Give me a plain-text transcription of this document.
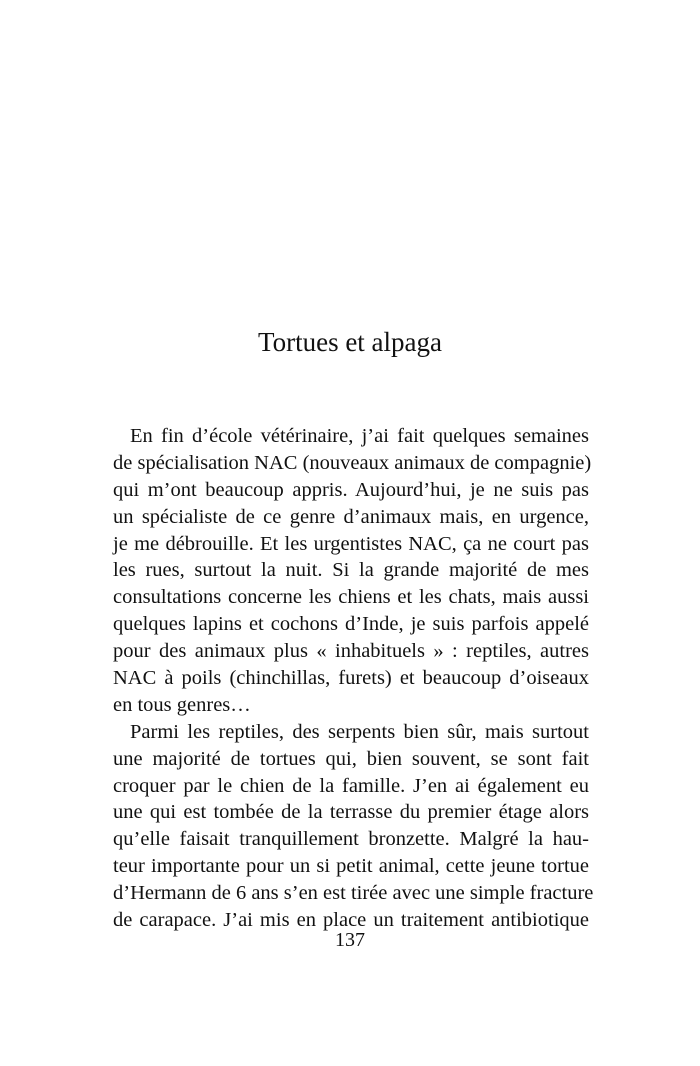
Tortues et alpaga
En fin d’école vétérinaire, j’ai fait quelques semaines
de spécialisation NAC (nouveaux animaux de compagnie)
qui m’ont beaucoup appris. Aujourd’hui, je ne suis pas
un spécialiste de ce genre d’animaux mais, en urgence,
je me débrouille. Et les urgentistes NAC, ça ne court pas
les rues, surtout la nuit. Si la grande majorité de mes
consultations concerne les chiens et les chats, mais aussi
quelques lapins et cochons d’Inde, je suis parfois appelé
pour des animaux plus « inhabituels » : reptiles, autres
NAC à poils (chinchillas, furets) et beaucoup d’oiseaux
en tous genres…
Parmi les reptiles, des serpents bien sûr, mais surtout
une majorité de tortues qui, bien souvent, se sont fait
croquer par le chien de la famille. J’en ai également eu
une qui est tombée de la terrasse du premier étage alors
qu’elle faisait tranquillement bronzette. Malgré la hau-
teur importante pour un si petit animal, cette jeune tortue
d’Hermann de 6 ans s’en est tirée avec une simple fracture
de carapace. J’ai mis en place un traitement antibiotique
137
